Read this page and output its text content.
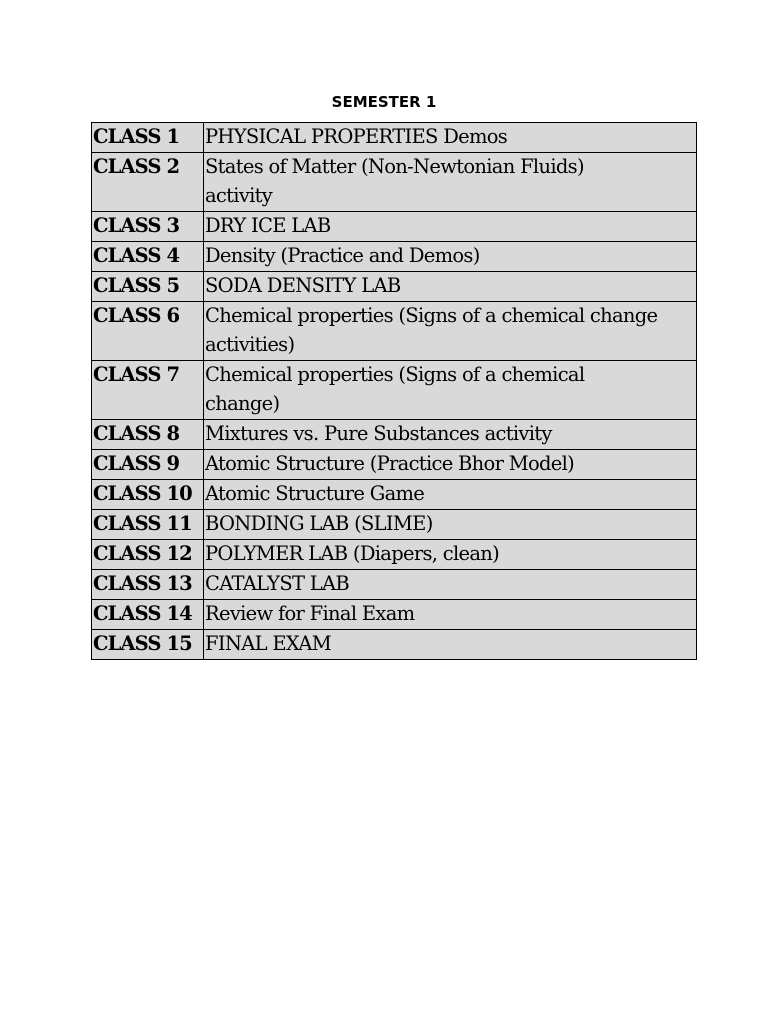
SEMESTER 1
CLASS 1	PHYSICAL PROPERTIES Demos

CLASS 2	States of Matter (Non-Newtonian Fluids)
activity

CLASS 3	DRY ICE LAB

CLASS 4	Density (Practice and Demos)

CLASS 5	SODA DENSITY LAB

CLASS 6	Chemical properties (Signs of a chemical change
activities)

CLASS 7	Chemical properties (Signs of a chemical
change)

CLASS 8	Mixtures vs. Pure Substances activity

CLASS 9	Atomic Structure (Practice Bhor Model)

CLASS 10	Atomic Structure Game

CLASS 11	BONDING LAB (SLIME)

CLASS 12	POLYMER LAB (Diapers, clean)

CLASS 13	CATALYST LAB

CLASS 14	Review for Final Exam

CLASS 15	FINAL EXAM
